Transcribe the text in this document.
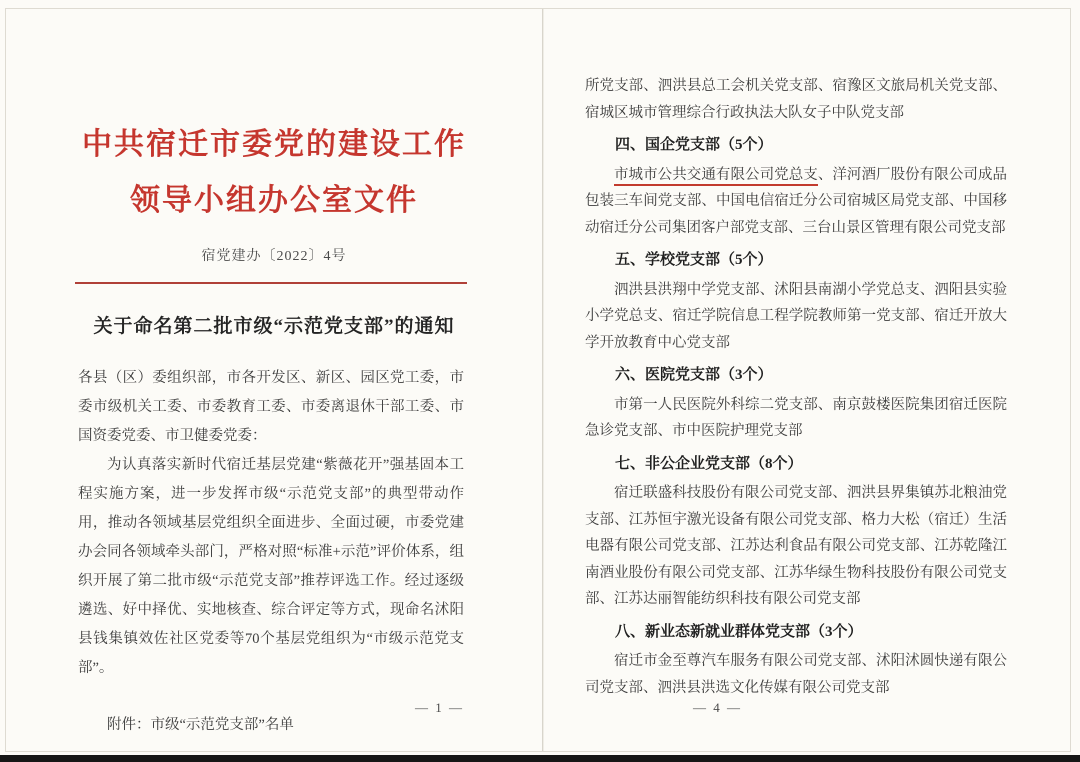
中共宿迁市委党的建设工作
领导小组办公室文件
宿党建办〔2022〕4号
关于命名第二批市级“示范党支部”的通知

各县（区）委组织部，市各开发区、新区、园区党工委，市委市级机关工委、市委教育工委、市委离退休干部工委、市国资委党委、市卫健委党委：

为认真落实新时代宿迁基层党建“紫薇花开”强基固本工程实施方案，进一步发挥市级“示范党支部”的典型带动作用，推动各领域基层党组织全面进步、全面过硬，市委党建办会同各领域牵头部门，严格对照“标准+示范”评价体系，组织开展了第二批市级“示范党支部”推荐评选工作。经过逐级遴选、好中择优、实地核查、综合评定等方式，现命名沭阳县钱集镇效佐社区党委等70个基层党组织为“市级示范党支部”。

附件：市级“示范党支部”名单

— 1 —

所党支部、泗洪县总工会机关党支部、宿豫区文旅局机关党支部、宿城区城市管理综合行政执法大队女子中队党支部

四、国企党支部（5个）

市城市公共交通有限公司党总支、洋河酒厂股份有限公司成品包装三车间党支部、中国电信宿迁分公司宿城区局党支部、中国移动宿迁分公司集团客户部党支部、三台山景区管理有限公司党支部

五、学校党支部（5个）

泗洪县洪翔中学党支部、沭阳县南湖小学党总支、泗阳县实验小学党总支、宿迁学院信息工程学院教师第一党支部、宿迁开放大学开放教育中心党支部

六、医院党支部（3个）

市第一人民医院外科综二党支部、南京鼓楼医院集团宿迁医院急诊党支部、市中医院护理党支部

七、非公企业党支部（8个）

宿迁联盛科技股份有限公司党支部、泗洪县界集镇苏北粮油党支部、江苏恒宇激光设备有限公司党支部、格力大松（宿迁）生活电器有限公司党支部、江苏达利食品有限公司党支部、江苏乾隆江南酒业股份有限公司党支部、江苏华绿生物科技股份有限公司党支部、江苏达丽智能纺织科技有限公司党支部

八、新业态新就业群体党支部（3个）

宿迁市金至尊汽车服务有限公司党支部、沭阳沭圆快递有限公司党支部、泗洪县洪选文化传媒有限公司党支部

— 4 —
